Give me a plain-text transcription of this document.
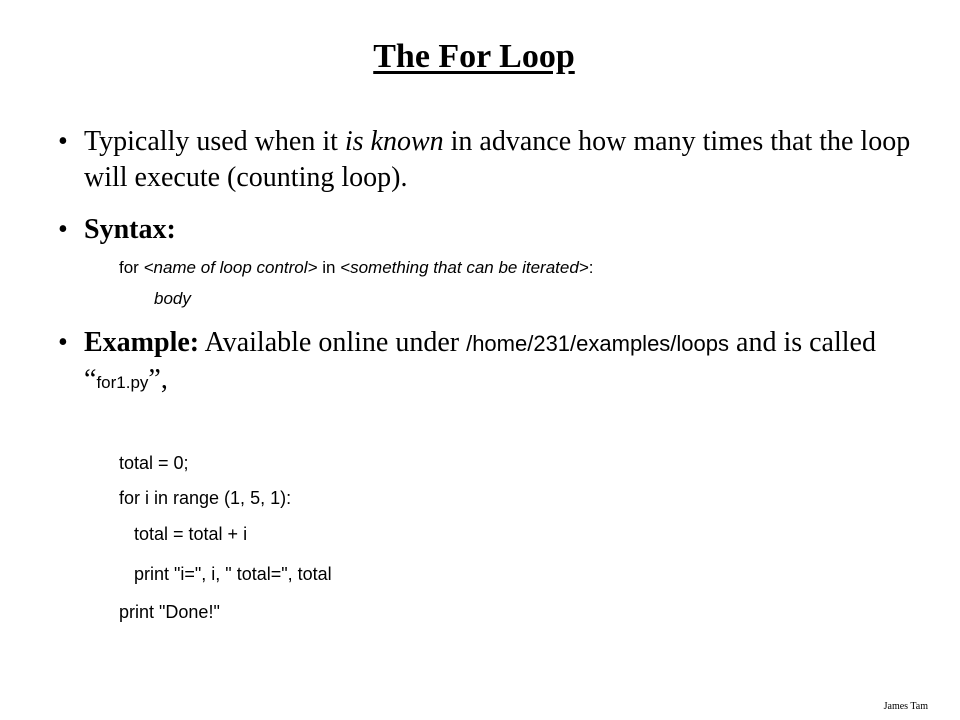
The For Loop
• Typically used when it is known in advance how many times that the loop will execute (counting loop).
• Syntax:
for <name of loop control> in <something that can be iterated>:
body
• Example: Available online under /home/231/examples/loops and is called “for1.py”,
total = 0;
for i in range (1, 5, 1):
total = total + i
print "i=", i, " total=", total
print "Done!"
James Tam
